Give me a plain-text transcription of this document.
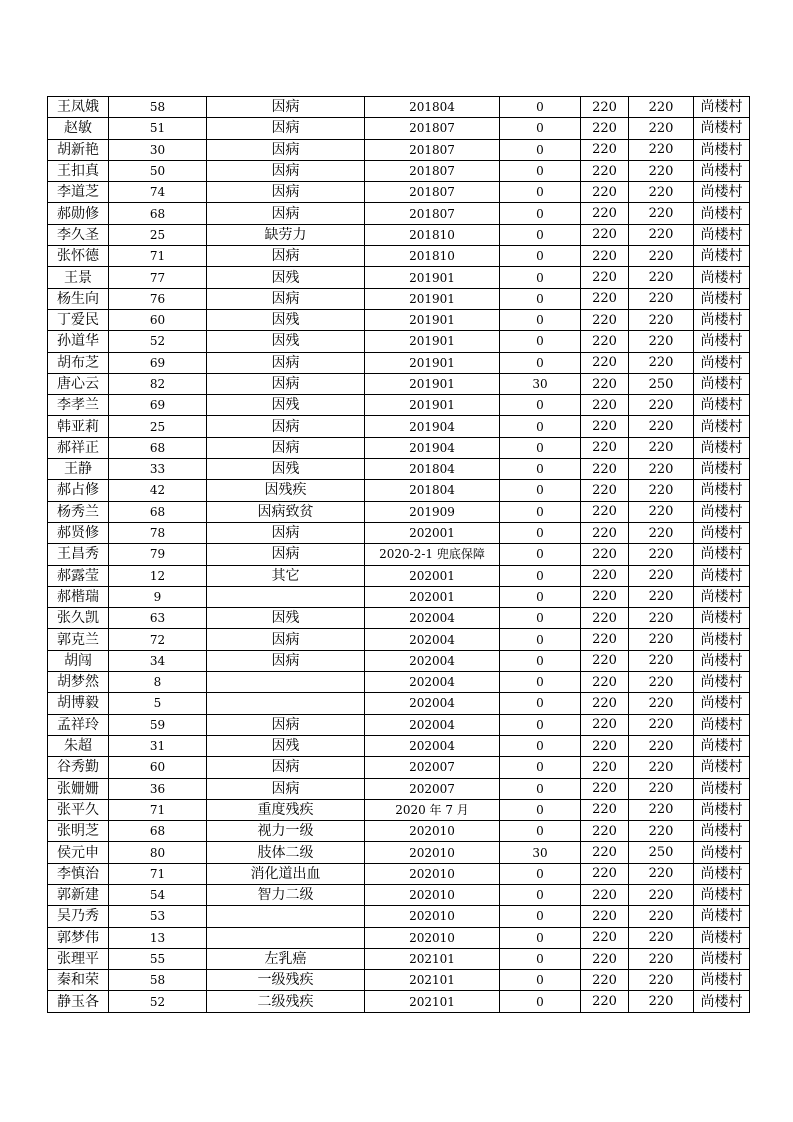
王凤娥	58	因病	201804	0	220	220	尚楼村
赵敏	51	因病	201807	0	220	220	尚楼村
胡新艳	30	因病	201807	0	220	220	尚楼村
王扣真	50	因病	201807	0	220	220	尚楼村
李道芝	74	因病	201807	0	220	220	尚楼村
郝勋修	68	因病	201807	0	220	220	尚楼村
李久圣	25	缺劳力	201810	0	220	220	尚楼村
张怀德	71	因病	201810	0	220	220	尚楼村
王景	77	因残	201901	0	220	220	尚楼村
杨生向	76	因病	201901	0	220	220	尚楼村
丁爱民	60	因残	201901	0	220	220	尚楼村
孙道华	52	因残	201901	0	220	220	尚楼村
胡布芝	69	因病	201901	0	220	220	尚楼村
唐心云	82	因病	201901	30	220	250	尚楼村
李孝兰	69	因残	201901	0	220	220	尚楼村
韩亚莉	25	因病	201904	0	220	220	尚楼村
郝祥正	68	因病	201904	0	220	220	尚楼村
王静	33	因残	201804	0	220	220	尚楼村
郝占修	42	因残疾	201804	0	220	220	尚楼村
杨秀兰	68	因病致贫	201909	0	220	220	尚楼村
郝贤修	78	因病	202001	0	220	220	尚楼村
王昌秀	79	因病	2020-2-1 兜底保障	0	220	220	尚楼村
郝露莹	12	其它	202001	0	220	220	尚楼村
郝楷瑞	9		202001	0	220	220	尚楼村
张久凯	63	因残	202004	0	220	220	尚楼村
郭克兰	72	因病	202004	0	220	220	尚楼村
胡闯	34	因病	202004	0	220	220	尚楼村
胡梦然	8		202004	0	220	220	尚楼村
胡博毅	5		202004	0	220	220	尚楼村
孟祥玲	59	因病	202004	0	220	220	尚楼村
朱超	31	因残	202004	0	220	220	尚楼村
谷秀勤	60	因病	202007	0	220	220	尚楼村
张姗姗	36	因病	202007	0	220	220	尚楼村
张平久	71	重度残疾	2020 年 7 月	0	220	220	尚楼村
张明芝	68	视力一级	202010	0	220	220	尚楼村
侯元申	80	肢体二级	202010	30	220	250	尚楼村
李慎治	71	消化道出血	202010	0	220	220	尚楼村
郭新建	54	智力二级	202010	0	220	220	尚楼村
吴乃秀	53		202010	0	220	220	尚楼村
郭梦伟	13		202010	0	220	220	尚楼村
张理平	55	左乳癌	202101	0	220	220	尚楼村
秦和荣	58	一级残疾	202101	0	220	220	尚楼村
静玉各	52	二级残疾	202101	0	220	220	尚楼村
